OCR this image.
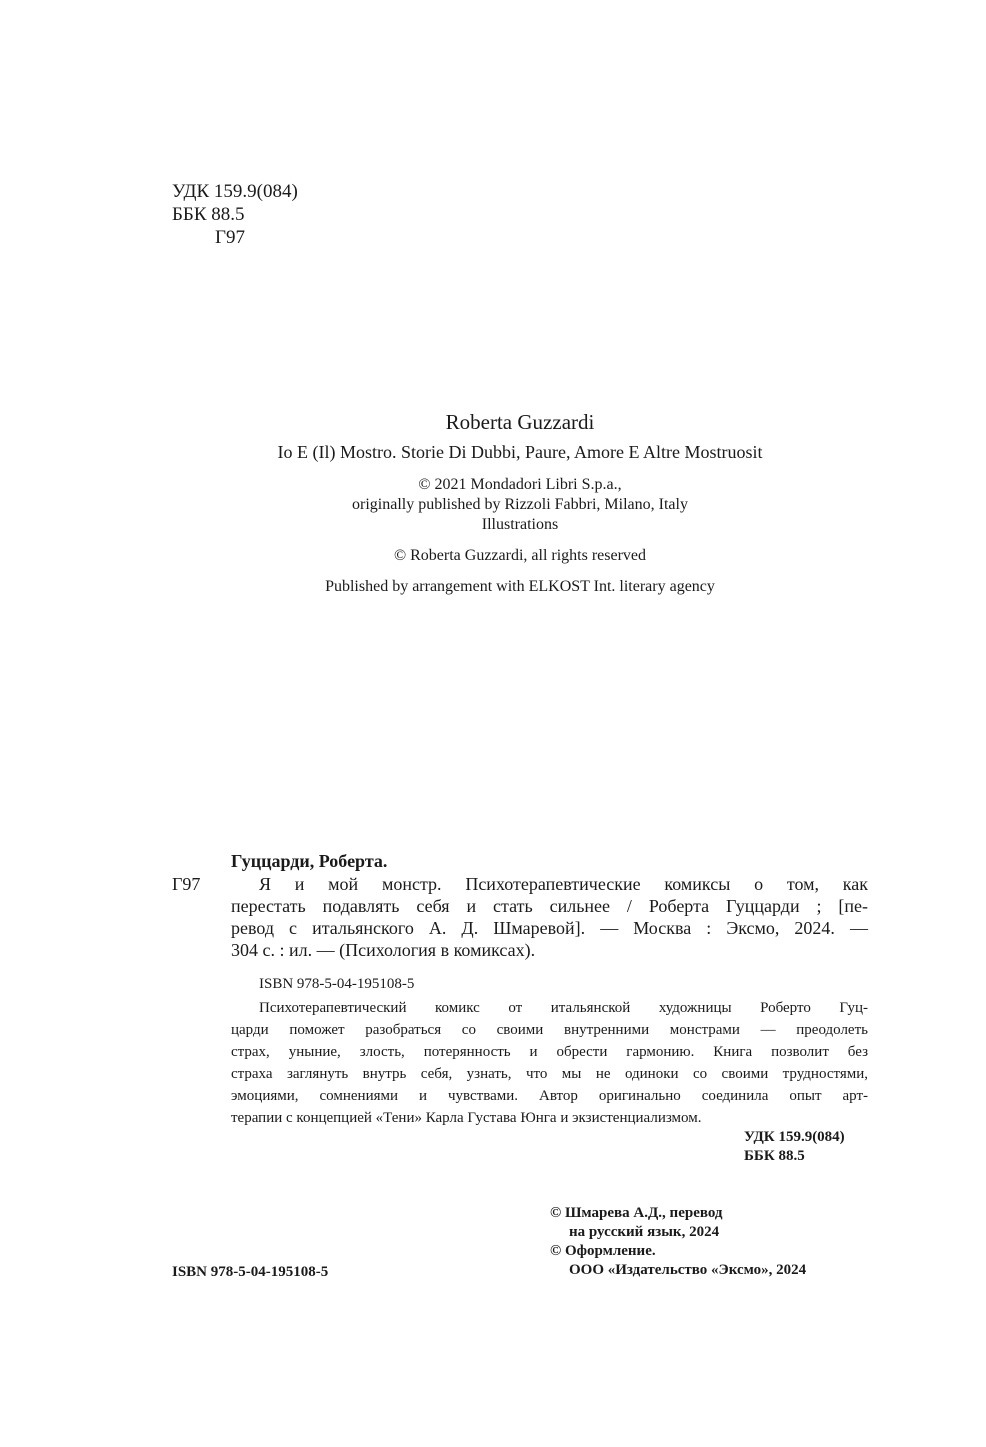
УДК 159.9(084)
ББК 88.5
Г97
Roberta Guzzardi
Io E (Il) Mostro. Storie Di Dubbi, Paure, Amore E Altre Mostruosit
© 2021 Mondadori Libri S.p.a.,
originally published by Rizzoli Fabbri, Milano, Italy
Illustrations
© Roberta Guzzardi, all rights reserved
Published by arrangement with ELKOST Int. literary agency
Гуццарди, Роберта.
Г97	Я и мой монстр. Психотерапевтические комиксы о том, как
перестать подавлять себя и стать сильнее / Роберта Гуццарди ; [пе-
ревод с итальянского А. Д. Шмаревой]. — Москва : Эксмо, 2024. —
304 с. : ил. — (Психология в комиксах).
ISBN 978-5-04-195108-5
Психотерапевтический комикс от итальянской художницы Роберто Гуц-
царди поможет разобраться со своими внутренними монстрами — преодолеть
страх, уныние, злость, потерянность и обрести гармонию. Книга позволит без
страха заглянуть внутрь себя, узнать, что мы не одиноки со своими трудностями,
эмоциями, сомнениями и чувствами. Автор оригинально соединила опыт арт-
терапии с концепцией «Тени» Карла Густава Юнга и экзистенциализмом.
УДК 159.9(084)
ББК 88.5
ISBN 978-5-04-195108-5
© Шмарева А.Д., перевод
на русский язык, 2024
© Оформление.
ООО «Издательство «Эксмо», 2024
